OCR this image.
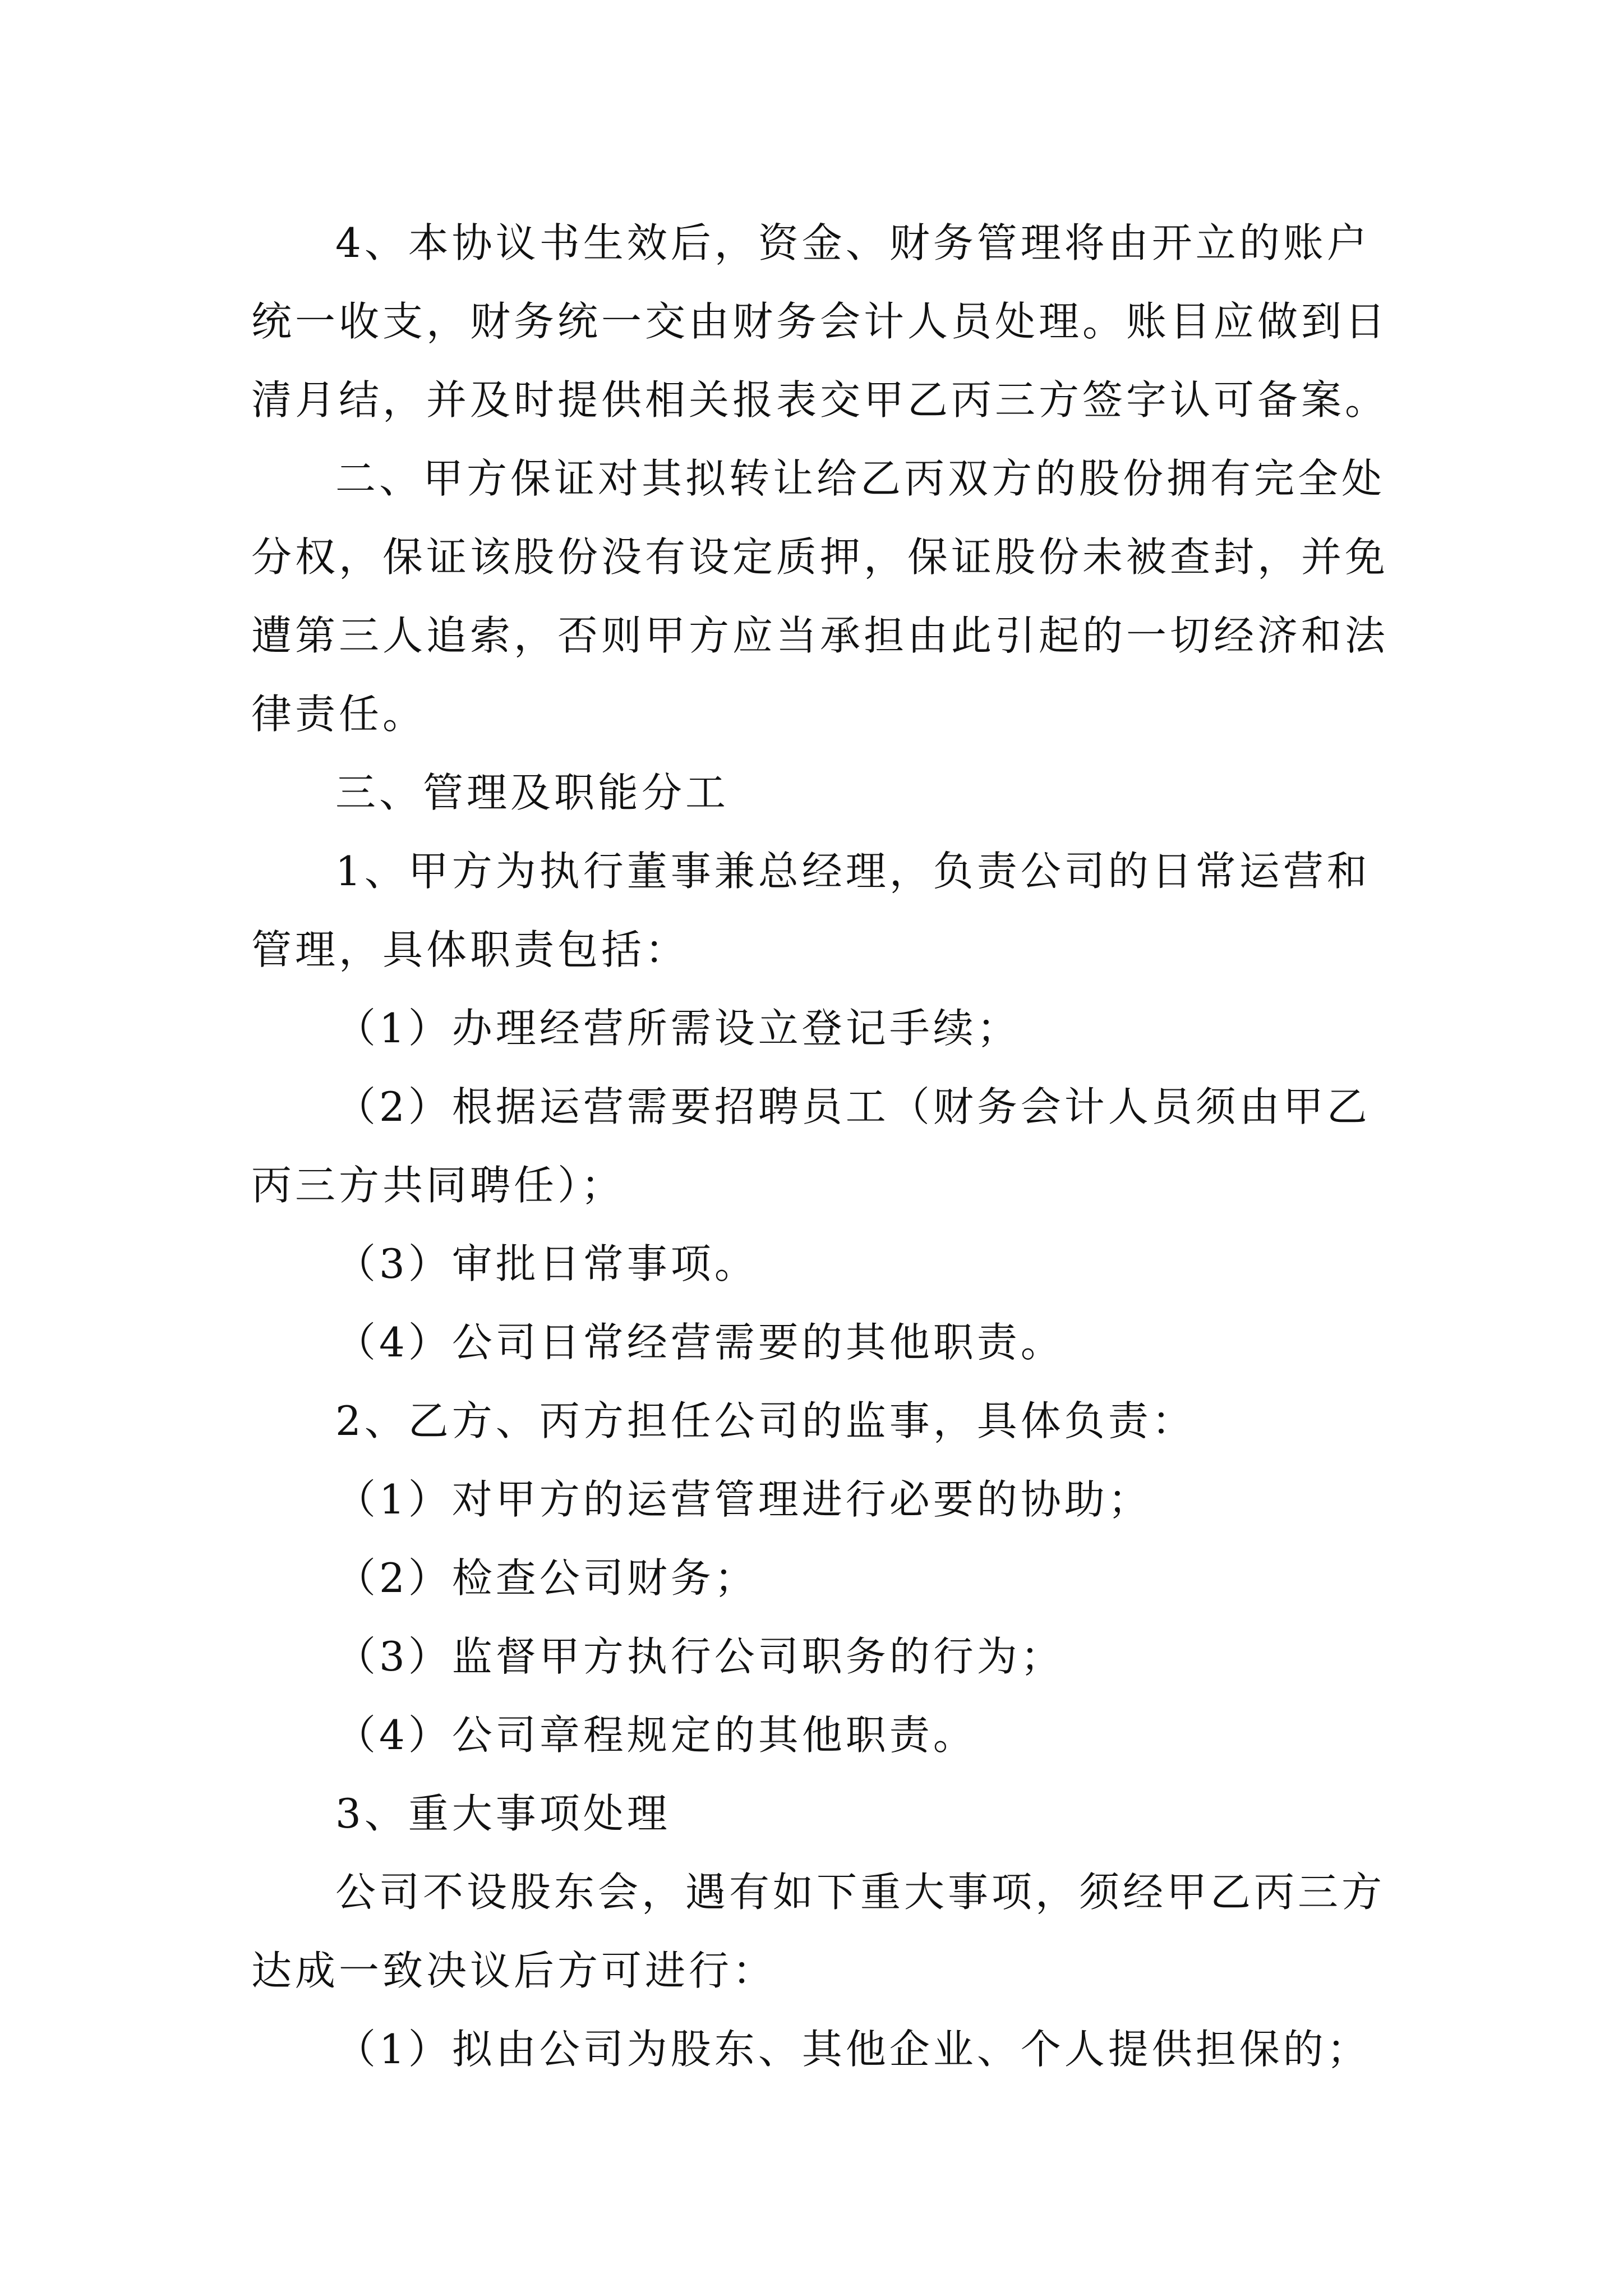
4、本协议书生效后，资金、财务管理将由开立的账户
统一收支，财务统一交由财务会计人员处理。账目应做到日
清月结，并及时提供相关报表交甲乙丙三方签字认可备案。
二、甲方保证对其拟转让给乙丙双方的股份拥有完全处
分权，保证该股份没有设定质押，保证股份未被查封，并免
遭第三人追索，否则甲方应当承担由此引起的一切经济和法
律责任。
三、管理及职能分工
1、甲方为执行董事兼总经理，负责公司的日常运营和
管理，具体职责包括：
（1）办理经营所需设立登记手续；
（2）根据运营需要招聘员工（财务会计人员须由甲乙
丙三方共同聘任）；
（3）审批日常事项。
（4）公司日常经营需要的其他职责。
2、乙方、丙方担任公司的监事，具体负责：
（1）对甲方的运营管理进行必要的协助；
（2）检查公司财务；
（3）监督甲方执行公司职务的行为；
（4）公司章程规定的其他职责。
3、重大事项处理
公司不设股东会，遇有如下重大事项，须经甲乙丙三方
达成一致决议后方可进行：
（1）拟由公司为股东、其他企业、个人提供担保的；
